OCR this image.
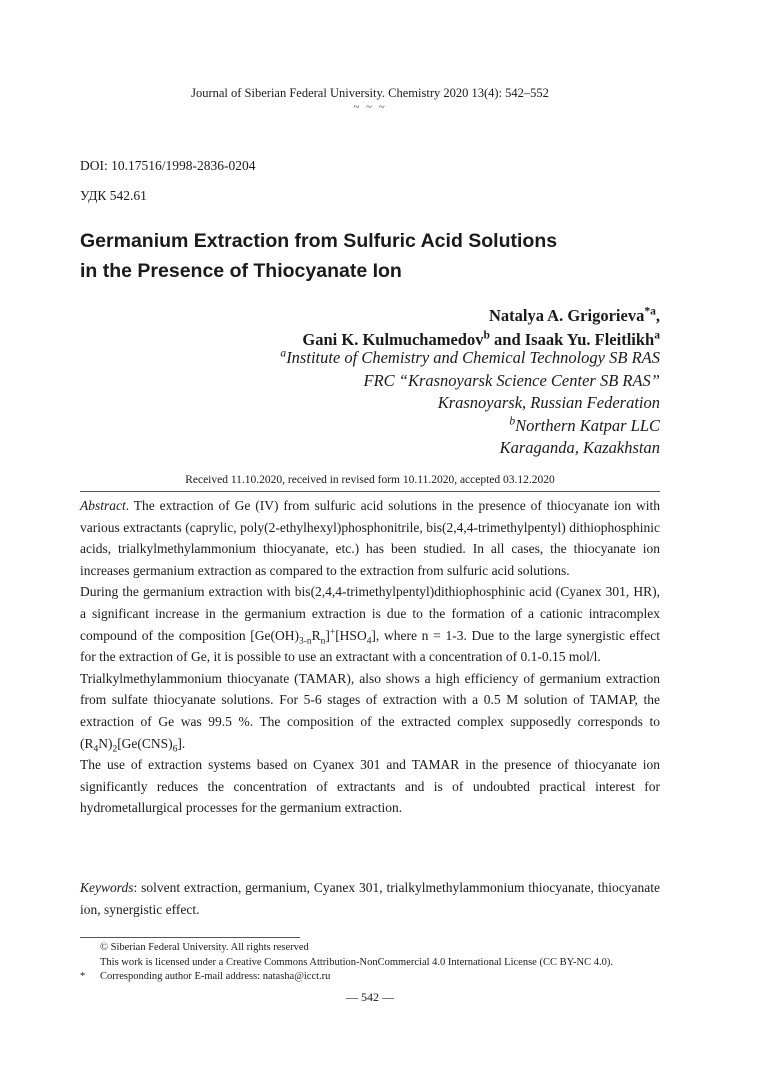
Journal of Siberian Federal University. Chemistry 2020 13(4): 542–552
~ ~ ~
DOI: 10.17516/1998-2836-0204
УДК 542.61
Germanium Extraction from Sulfuric Acid Solutions
in the Presence of Thiocyanate Ion
Natalya A. Grigorieva$^{*a}$,
Gani K. Kulmuchamedov$^b$ and Isaak Yu. Fleitlikh$^a$
$^a$Institute of Chemistry and Chemical Technology SB RAS
FRC “Krasnoyarsk Science Center SB RAS”
Krasnoyarsk, Russian Federation
$^b$Northern Katpar LLC
Karaganda, Kazakhstan
Received 11.10.2020, received in revised form 10.11.2020, accepted 03.12.2020

Abstract. The extraction of Ge (IV) from sulfuric acid solutions in the presence of thiocyanate ion with various extractants (caprylic, poly(2-ethylhexyl)phosphonitrile, bis(2,4,4-trimethylpentyl) dithiophosphinic acids, trialkylmethylammonium thiocyanate, etc.) has been studied. In all cases, the thiocyanate ion increases germanium extraction as compared to the extraction from sulfuric acid solutions.

During the germanium extraction with bis(2,4,4-trimethylpentyl)dithiophosphinic acid (Cyanex 301, HR), a significant increase in the germanium extraction is due to the formation of a cationic intracomplex compound of the composition $[Ge(OH)_{3-n}R_n]^+[HSO_4]$, where n = 1-3. Due to the large synergistic effect for the extraction of Ge, it is possible to use an extractant with a concentration of 0.1-0.15 mol/l.

Trialkylmethylammonium thiocyanate (TAMAR), also shows a high efficiency of germanium extraction from sulfate thiocyanate solutions. For 5-6 stages of extraction with a 0.5 M solution of TAMAP, the extraction of Ge was 99.5 %. The composition of the extracted complex supposedly corresponds to $(R_4N)_2[Ge(CNS)_6]$.

The use of extraction systems based on Cyanex 301 and TAMAR in the presence of thiocyanate ion significantly reduces the concentration of extractants and is of undoubted practical interest for hydrometallurgical processes for the germanium extraction.

Keywords: solvent extraction, germanium, Cyanex 301, trialkylmethylammonium thiocyanate, thiocyanate ion, synergistic effect.

© Siberian Federal University. All rights reserved
This work is licensed under a Creative Commons Attribution-NonCommercial 4.0 International License (CC BY-NC 4.0).
* Corresponding author E-mail address: natasha@icct.ru
— 542 —
